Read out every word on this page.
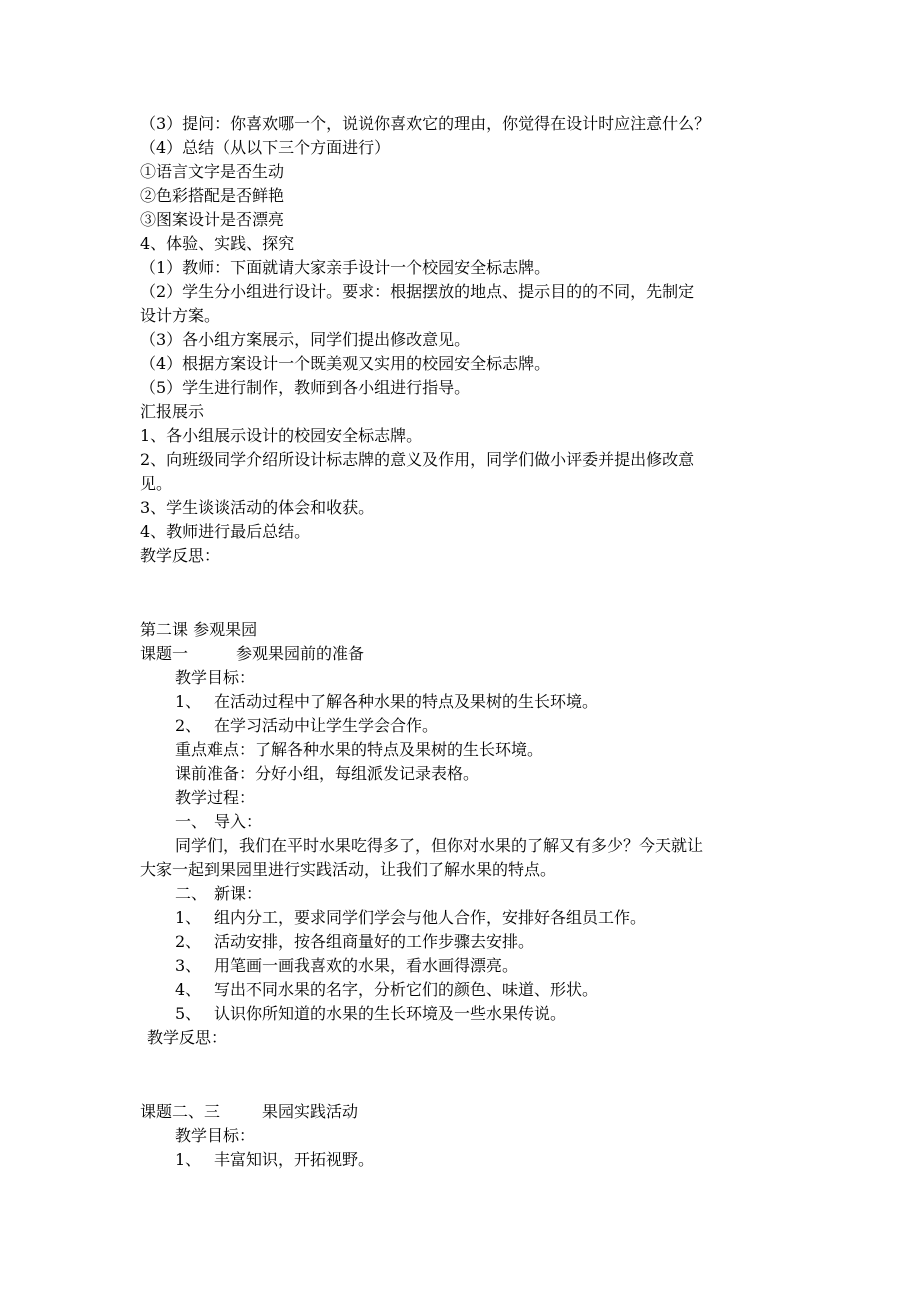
（3）提问：你喜欢哪一个，说说你喜欢它的理由，你觉得在设计时应注意什么？
（4）总结（从以下三个方面进行）
①语言文字是否生动
②色彩搭配是否鲜艳
③图案设计是否漂亮
4、体验、实践、探究
（1）教师：下面就请大家亲手设计一个校园安全标志牌。
（2）学生分小组进行设计。要求：根据摆放的地点、提示目的的不同，先制定
设计方案。
（3）各小组方案展示，同学们提出修改意见。
（4）根据方案设计一个既美观又实用的校园安全标志牌。
（5）学生进行制作，教师到各小组进行指导。
汇报展示
1、各小组展示设计的校园安全标志牌。
2、向班级同学介绍所设计标志牌的意义及作用，同学们做小评委并提出修改意
见。
3、学生谈谈活动的体会和收获。
4、教师进行最后总结。
教学反思：
第二课 参观果园
课题一	参观果园前的准备
教学目标：
1、 在活动过程中了解各种水果的特点及果树的生长环境。
2、 在学习活动中让学生学会合作。
重点难点：了解各种水果的特点及果树的生长环境。
课前准备：分好小组，每组派发记录表格。
教学过程：
一、 导入：
同学们，我们在平时水果吃得多了，但你对水果的了解又有多少？今天就让
大家一起到果园里进行实践活动，让我们了解水果的特点。
二、 新课：
1、 组内分工，要求同学们学会与他人合作，安排好各组员工作。
2、 活动安排，按各组商量好的工作步骤去安排。
3、 用笔画一画我喜欢的水果，看水画得漂亮。
4、 写出不同水果的名字，分析它们的颜色、味道、形状。
5、 认识你所知道的水果的生长环境及一些水果传说。
教学反思：
课题二、三	果园实践活动
教学目标：
1、 丰富知识，开拓视野。
